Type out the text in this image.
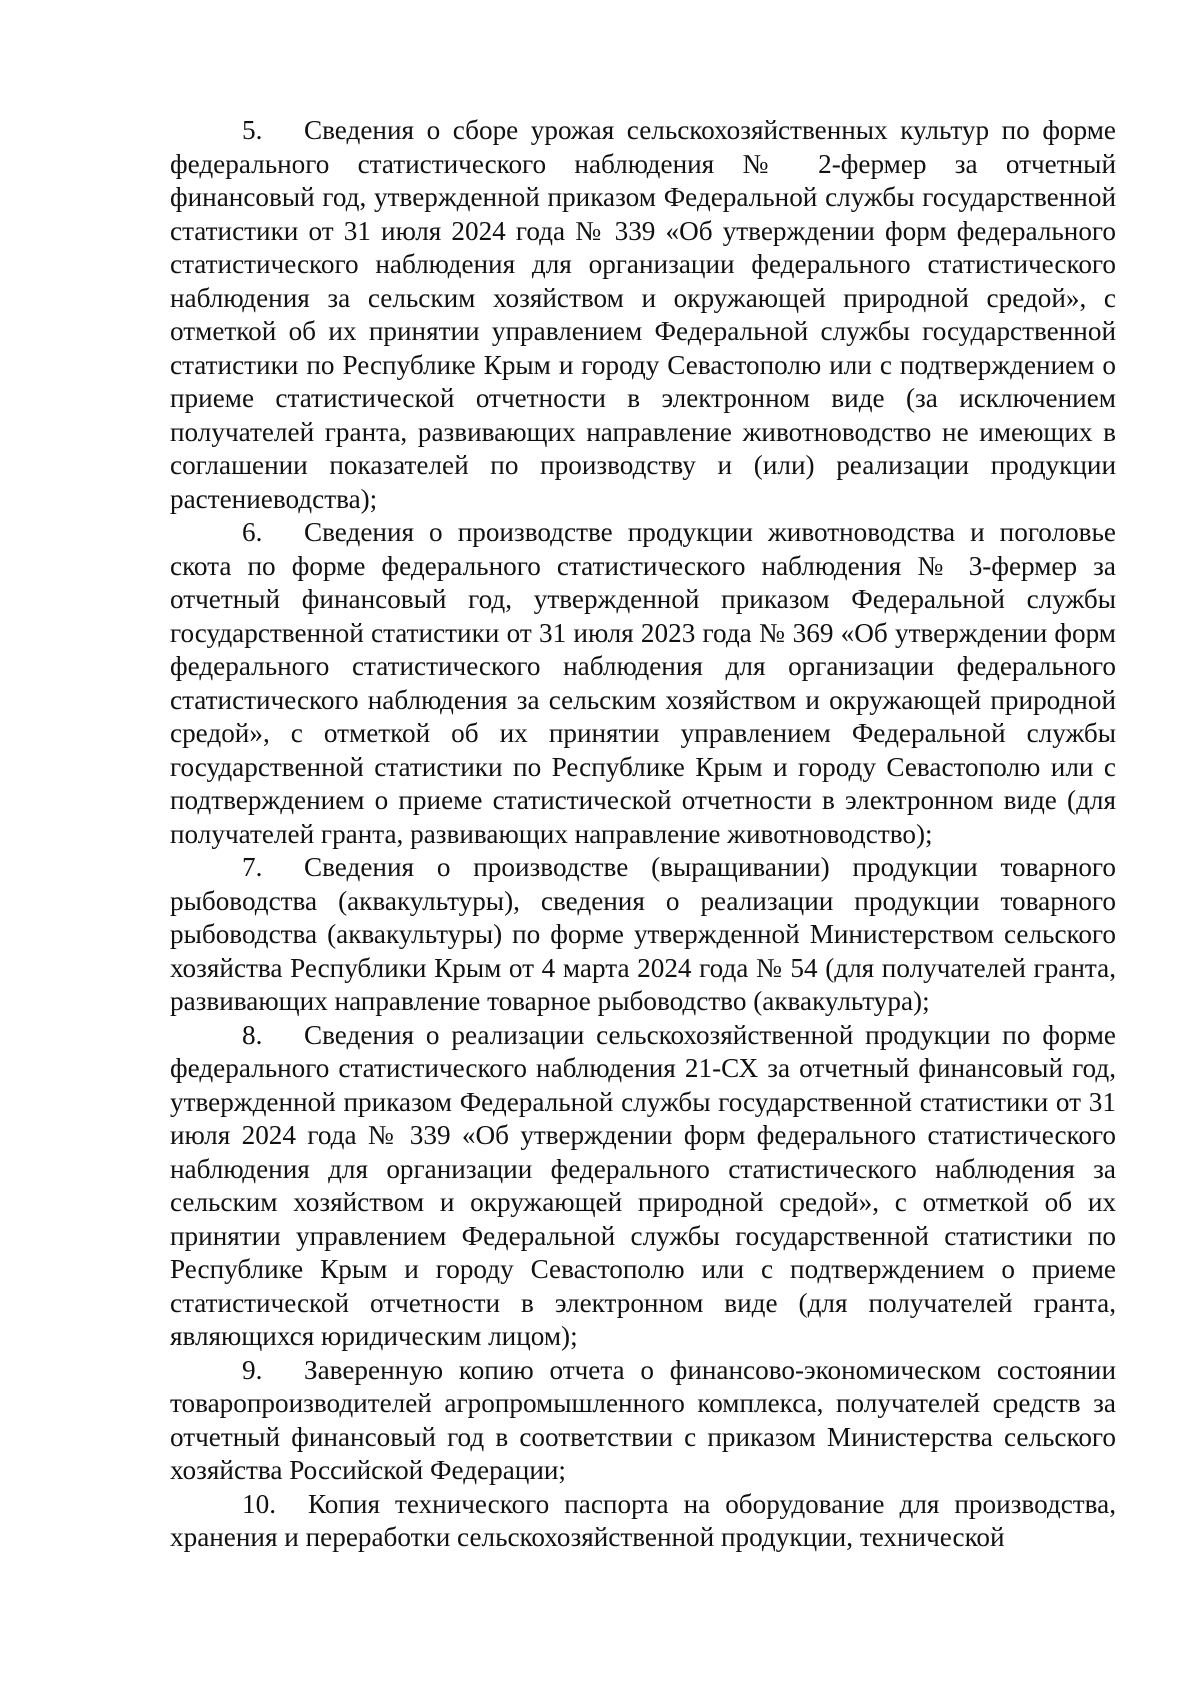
5. Сведения о сборе урожая сельскохозяйственных культур по форме федерального статистического наблюдения № 2-фермер за отчетный финансовый год, утвержденной приказом Федеральной службы государственной статистики от 31 июля 2024 года № 339 «Об утверждении форм федерального статистического наблюдения для организации федерального статистического наблюдения за сельским хозяйством и окружающей природной средой», с отметкой об их принятии управлением Федеральной службы государственной статистики по Республике Крым и городу Севастополю или с подтверждением о приеме статистической отчетности в электронном виде (за исключением получателей гранта, развивающих направление животноводство не имеющих в соглашении показателей по производству и (или) реализации продукции растениеводства);

6. Сведения о производстве продукции животноводства и поголовье скота по форме федерального статистического наблюдения № 3-фермер за отчетный финансовый год, утвержденной приказом Федеральной службы государственной статистики от 31 июля 2023 года № 369 «Об утверждении форм федерального статистического наблюдения для организации федерального статистического наблюдения за сельским хозяйством и окружающей природной средой», с отметкой об их принятии управлением Федеральной службы государственной статистики по Республике Крым и городу Севастополю или с подтверждением о приеме статистической отчетности в электронном виде (для получателей гранта, развивающих направление животноводство);

7. Сведения о производстве (выращивании) продукции товарного рыбоводства (аквакультуры), сведения о реализации продукции товарного рыбоводства (аквакультуры) по форме утвержденной Министерством сельского хозяйства Республики Крым от 4 марта 2024 года № 54 (для получателей гранта, развивающих направление товарное рыбоводство (аквакультура);

8. Сведения о реализации сельскохозяйственной продукции по форме федерального статистического наблюдения 21-СХ за отчетный финансовый год, утвержденной приказом Федеральной службы государственной статистики от 31 июля 2024 года № 339 «Об утверждении форм федерального статистического наблюдения для организации федерального статистического наблюдения за сельским хозяйством и окружающей природной средой», с отметкой об их принятии управлением Федеральной службы государственной статистики по Республике Крым и городу Севастополю или с подтверждением о приеме статистической отчетности в электронном виде (для получателей гранта, являющихся юридическим лицом);

9. Заверенную копию отчета о финансово-экономическом состоянии товаропроизводителей агропромышленного комплекса, получателей средств за отчетный финансовый год в соответствии с приказом Министерства сельского хозяйства Российской Федерации;

10. Копия технического паспорта на оборудование для производства, хранения и переработки сельскохозяйственной продукции, технической
